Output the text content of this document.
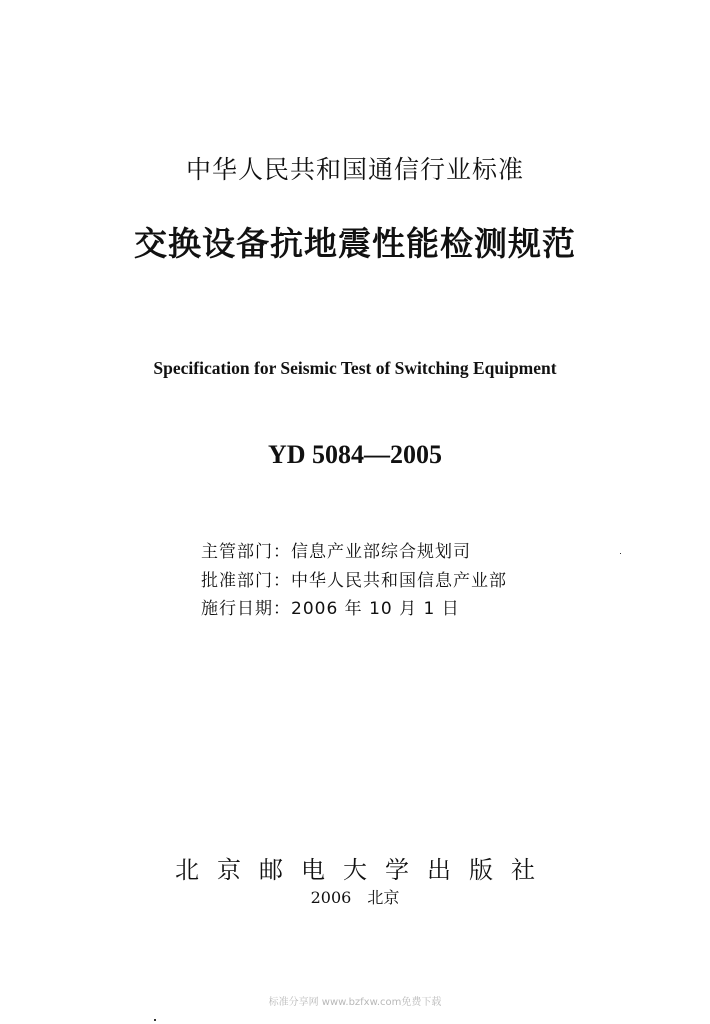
中华人民共和国通信行业标准
交换设备抗地震性能检测规范
Specification for Seismic Test of Switching Equipment
YD 5084—2005
主管部门：信息产业部综合规划司
批准部门：中华人民共和国信息产业部
施行日期：2006 年 10 月 1 日
北京邮电大学出版社
2006　北京
标准分享网 www.bzfxw.com免费下载
